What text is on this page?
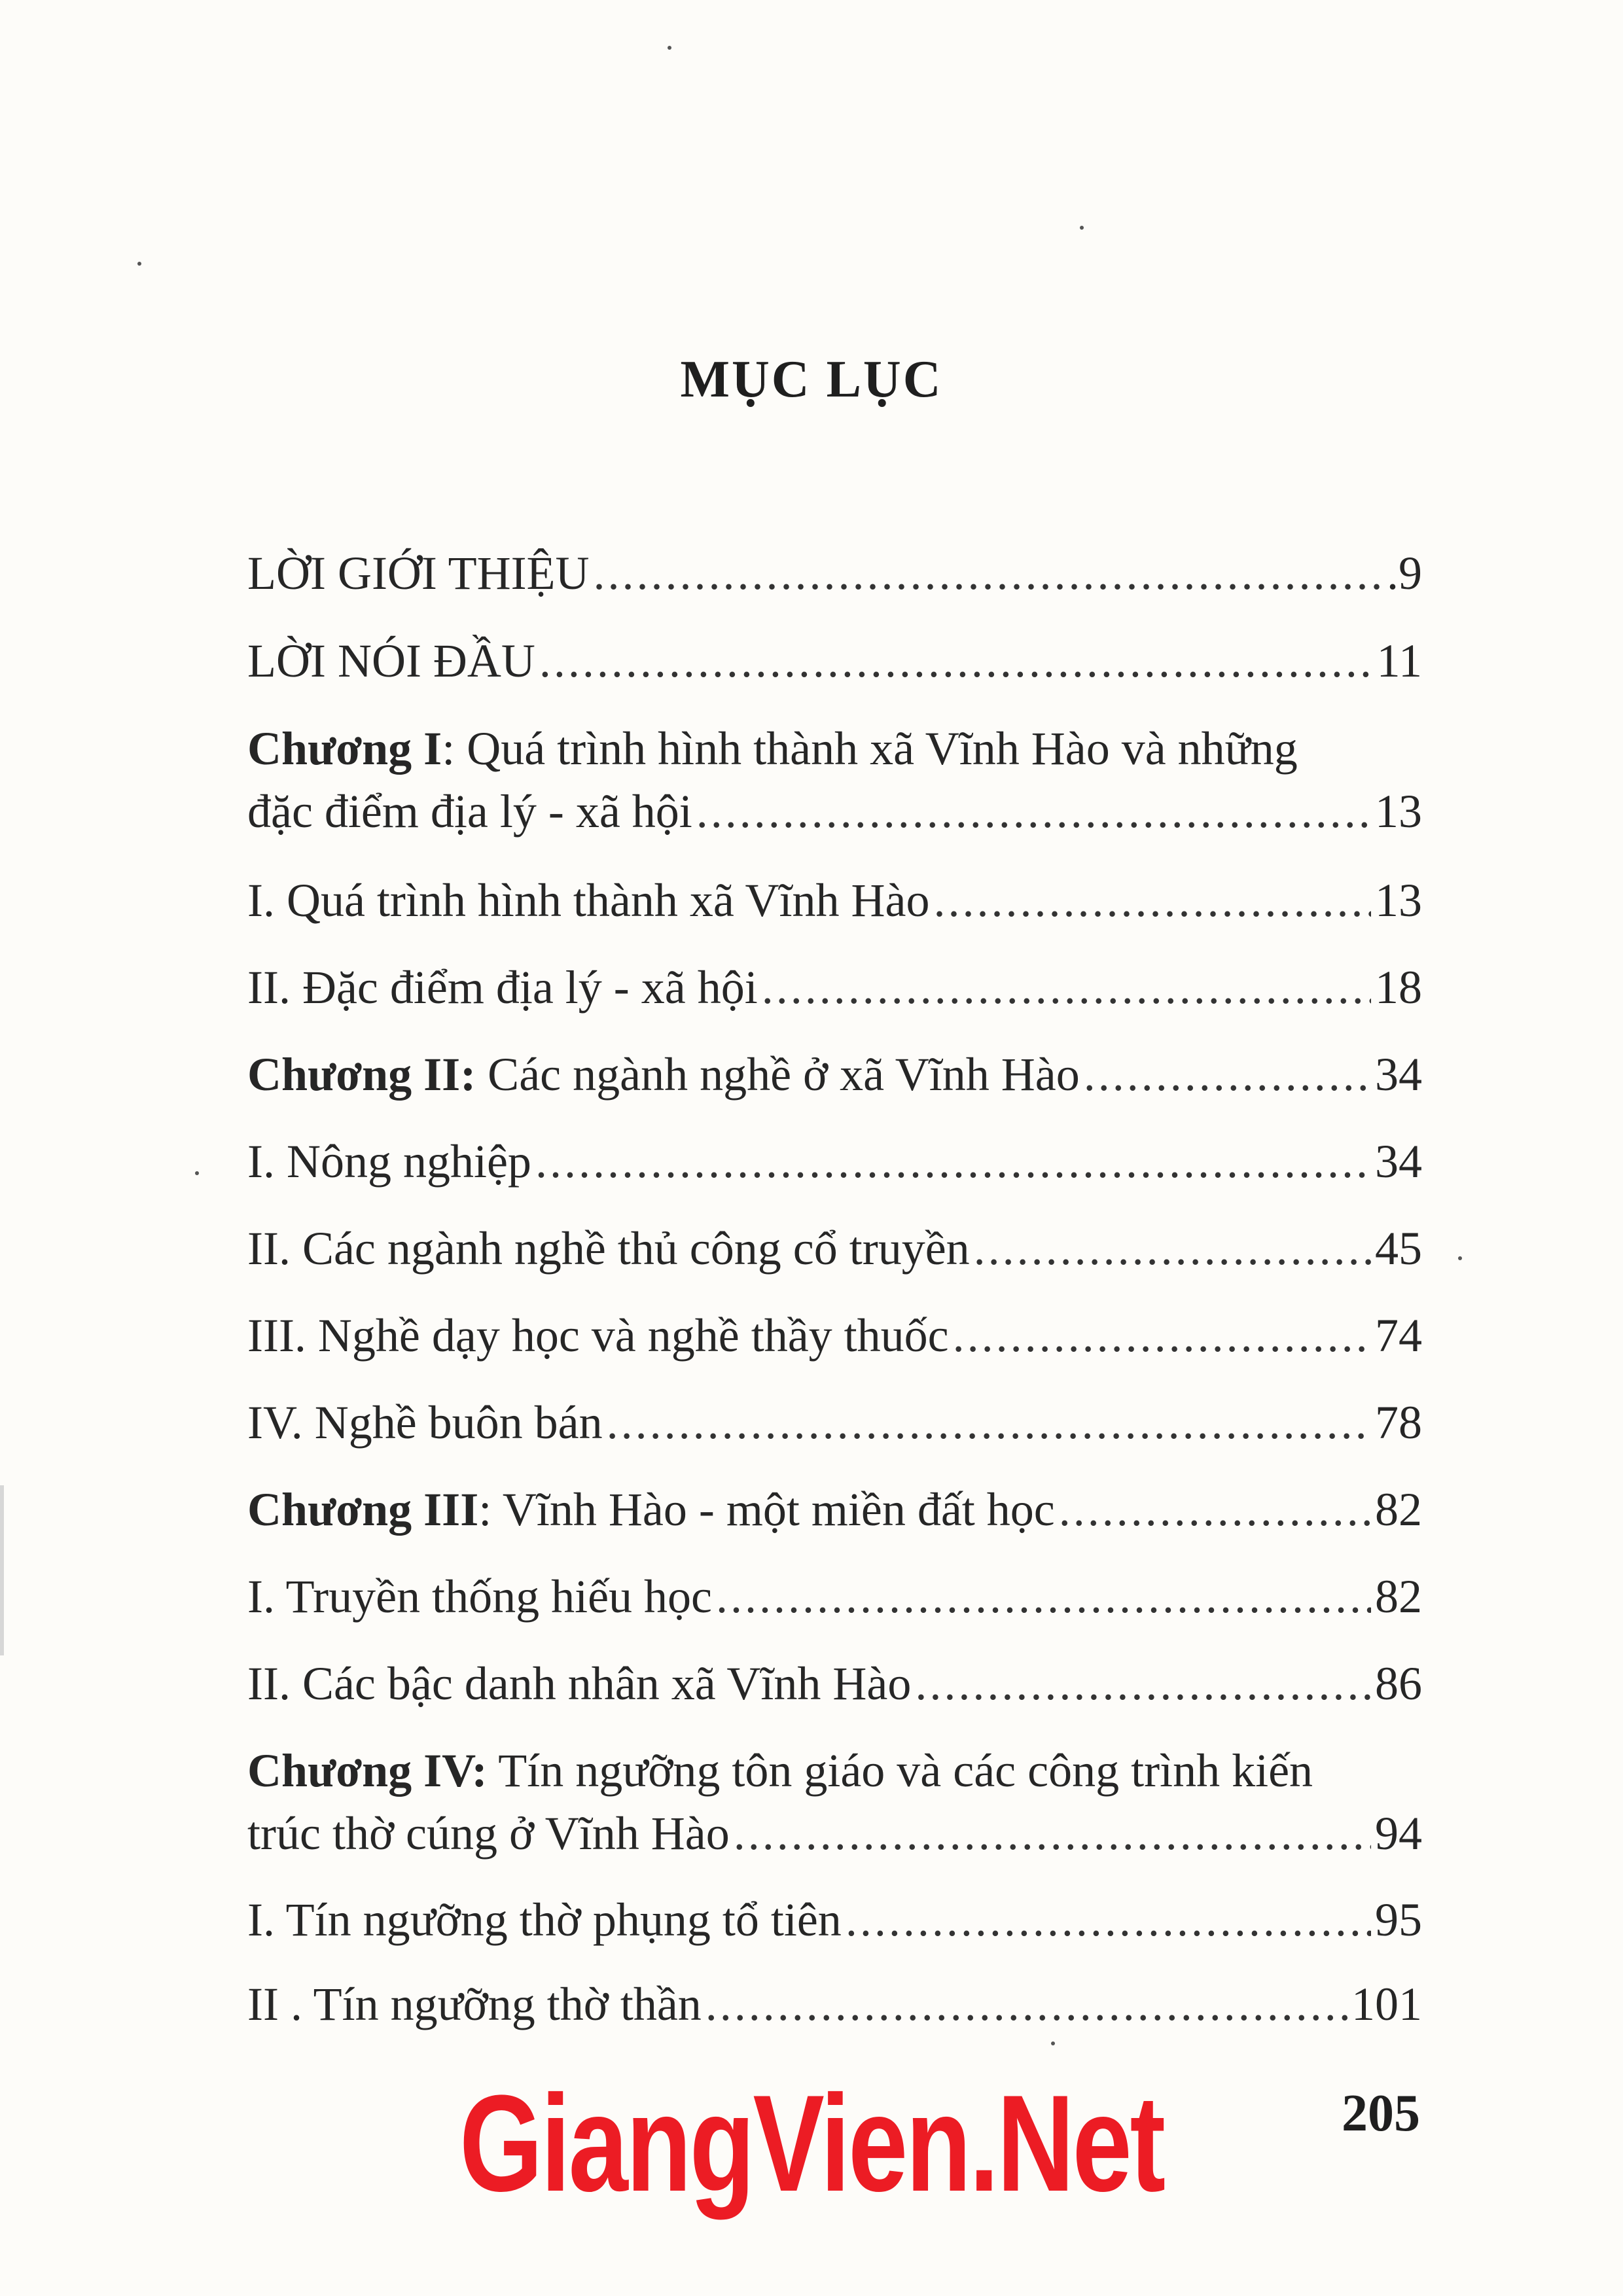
MỤC LỤC
LỜI GIỚI THIỆU .....	.9
LỜI NÓI ĐẦU .....	11
Chương I: Quá trình hình thành xã Vĩnh Hào và những
đặc điểm địa lý - xã hội .....	13
I. Quá trình hình thành xã Vĩnh Hào .....	13
II. Đặc điểm địa lý - xã hội .....	18
Chương II: Các ngành nghề ở xã Vĩnh Hào .....	34
I. Nông nghiệp .....	34
II. Các ngành nghề thủ công cổ truyền .....	45
III. Nghề dạy học và nghề thầy thuốc .....	74
IV. Nghề buôn bán .....	78
Chương III: Vĩnh Hào - một miền đất học .....	82
I. Truyền thống hiếu học .....	82
II. Các bậc danh nhân xã Vĩnh Hào .....	86
Chương IV: Tín ngưỡng tôn giáo và các công trình kiến
trúc thờ cúng ở Vĩnh Hào .....	94
I. Tín ngưỡng thờ phụng tổ tiên .....	95
II . Tín ngưỡng thờ thần .....	101
GiangVien.Net	205
